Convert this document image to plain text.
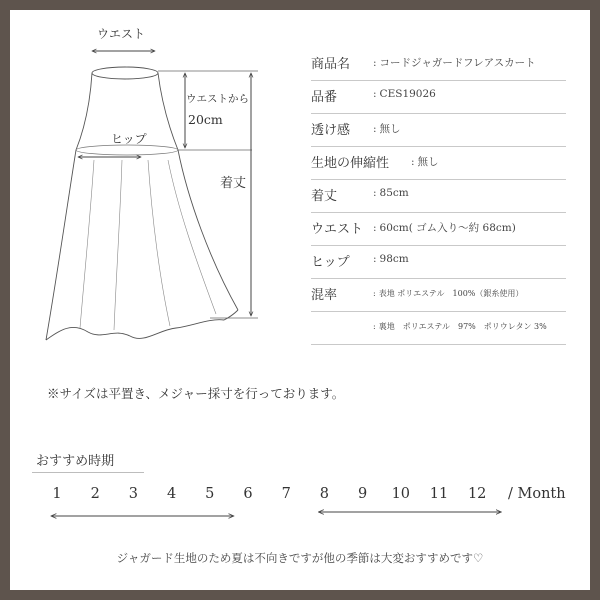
ウエスト
ヒップ
ウエストから
20cm
着丈
商品名 : コードジャガードフレアスカート
品番	: CES19026
透け感 : 無し
生地の伸縮性 : 無し
着丈	: 85cm
ウエスト : 60cm( ゴム入り〜約 68cm)
ヒップ : 98cm
混率	: 表地 ポリエステル　100%（銀糸使用）
: 裏地　ポリエステル　97%　ポリウレタン 3%
※サイズは平置き、メジャー採寸を行っております。
おすすめ時期
/ Month
1	2	3	4	5	6	7	8	9	10 11 12
ジャガード生地のため夏は不向きですが他の季節は大変おすすめです♡
